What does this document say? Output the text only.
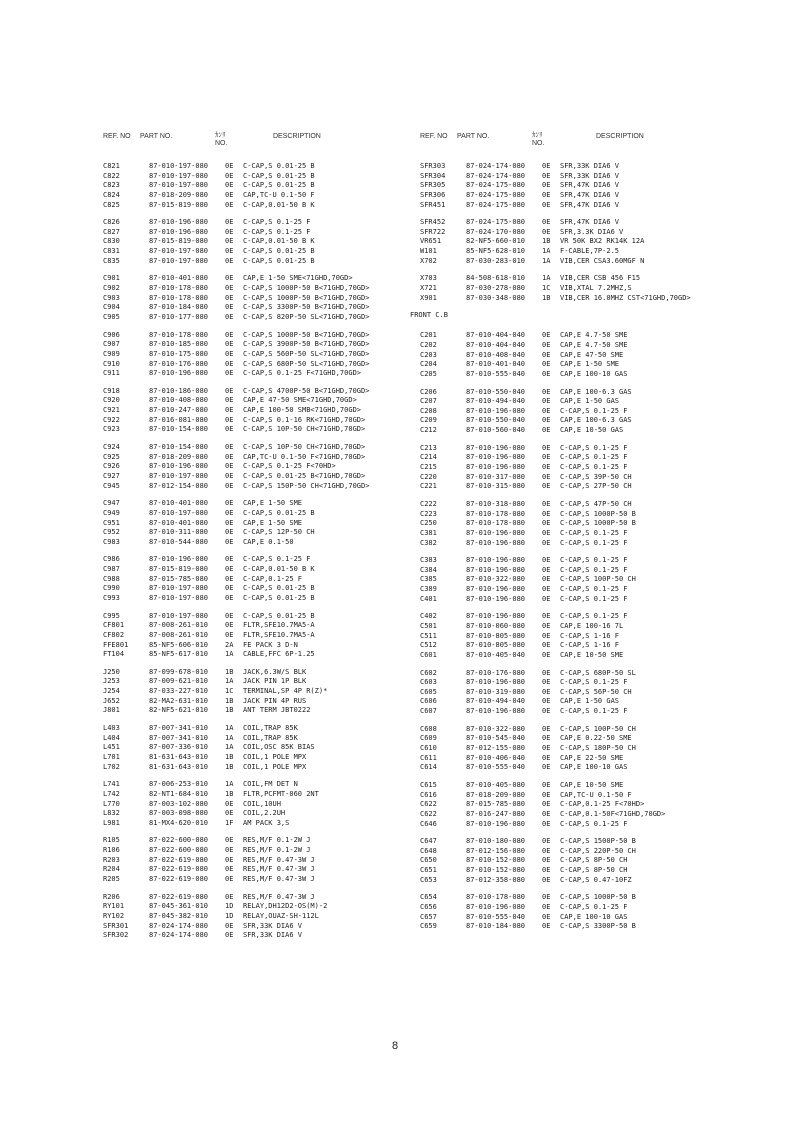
REF. NO PART NO.	ｶﾝﾘ
NO.
DESCRIPTION	REF. NO PART NO.	ｶﾝﾘ
NO.
DESCRIPTION
C821	87-010-197-080	0E	C-CAP,S 0.01-25 B
C822	87-010-197-080	0E	C-CAP,S 0.01-25 B
C823	87-010-197-080	0E	C-CAP,S 0.01-25 B
C824	87-018-209-080	0E	CAP,TC-U 0.1-50 F
C825	87-015-819-080	0E	C-CAP,0.01-50 B K
C826	87-010-196-080	0E	C-CAP,S 0.1-25 F
C827	87-010-196-080	0E	C-CAP,S 0.1-25 F
C830	87-015-819-080	0E	C-CAP,0.01-50 B K
C831	87-010-197-080	0E	C-CAP,S 0.01-25 B
C835	87-010-197-080	0E	C-CAP,S 0.01-25 B
C901	87-010-401-080	0E	CAP,E 1-50 SME<71GHD,70GD>
C902	87-010-178-080	0E	C-CAP,S 1000P-50 B<71GHD,70GD>
C903	87-010-178-080	0E	C-CAP,S 1000P-50 B<71GHD,70GD>
C904	87-010-184-080	0E	C-CAP,S 3300P-50 B<71GHD,70GD>
C905	87-010-177-080	0E	C-CAP,S 820P-50 SL<71GHD,70GD>
C906	87-010-178-080	0E	C-CAP,S 1000P-50 B<71GHD,70GD>
C907	87-010-185-080	0E	C-CAP,S 3900P-50 B<71GHD,70GD>
C909	87-010-175-080	0E	C-CAP,S 560P-50 SL<71GHD,70GD>
C910	87-010-176-080	0E	C-CAP,S 680P-50 SL<71GHD,70GD>
C911	87-010-196-080	0E	C-CAP,S 0.1-25 F<71GHD,70GD>
C918	87-010-186-080	0E	C-CAP,S 4700P-50 B<71GHD,70GD>
C920	87-010-408-080	0E	CAP,E 47-50 SME<71GHD,70GD>
C921	87-010-247-080	0E	CAP,E 100-50 SMB<71GHD,70GD>
C922	87-016-081-080	0E	C-CAP,S 0.1-16 RK<71GHD,70GD>
C923	87-010-154-080	0E	C-CAP,S 10P-50 CH<71GHD,70GD>
C924	87-010-154-080	0E	C-CAP,S 10P-50 CH<71GHD,70GD>
C925	87-018-209-080	0E	CAP,TC-U 0.1-50 F<71GHD,70GD>
C926	87-010-196-080	0E	C-CAP,S 0.1-25 F<70HD>
C927	87-010-197-080	0E	C-CAP,S 0.01-25 B<71GHD,70GD>
C945	87-012-154-080	0E	C-CAP,S 150P-50 CH<71GHD,70GD>
C947	87-010-401-080	0E	CAP,E 1-50 SME
C949	87-010-197-080	0E	C-CAP,S 0.01-25 B
C951	87-010-401-080	0E	CAP,E 1-50 SME
C952	87-010-311-080	0E	C-CAP,S 12P-50 CH
C983	87-010-544-080	0E	CAP,E 0.1-50
C986	87-010-196-080	0E	C-CAP,S 0.1-25 F
C987	87-015-819-080	0E	C-CAP,0.01-50 B K
C988	87-015-785-080	0E	C-CAP,0.1-25 F
C990	87-010-197-080	0E	C-CAP,S 0.01-25 B
C993	87-010-197-080	0E	C-CAP,S 0.01-25 B
C995	87-010-197-080	0E	C-CAP,S 0.01-25 B
CF801	87-008-261-010	0E	FLTR,SFE10.7MA5-A
CF802	87-008-261-010	0E	FLTR,SFE10.7MA5-A
FFE801	85-NF5-606-010	2A	FE PACK 3 D-N
FT104	85-NF5-617-010	1A	CABLE,FFC 6P-1.25
J250	87-099-678-010	1B	JACK,6.3W/S BLK
J253	87-009-621-010	1A	JACK PIN 1P BLK
J254	87-033-227-010	1C	TERMINAL,SP 4P R(Z)*
J652	82-MA2-631-010	1B	JACK PIN 4P RUS
J801	82-NF5-621-010	1B	ANT TERM JBT0222
L403	87-007-341-010	1A	COIL,TRAP 85K
L404	87-007-341-010	1A	COIL,TRAP 85K
L451	87-007-336-010	1A	COIL,OSC 85K BIAS
L701	81-631-643-010	1B	COIL,1 POLE MPX
L702	81-631-643-010	1B	COIL,1 POLE MPX
L741	87-006-253-010	1A	COIL,FM DET N
L742	82-NT1-684-010	1B	FLTR,PCFMT-060 2NT
L770	87-003-102-080	0E	COIL,10UH
L832	87-003-098-080	0E	COIL,2.2UH
L981	81-MX4-620-010	1F	AM PACK 3,S
R105	87-022-600-080	0E	RES,M/F 0.1-2W J
R106	87-022-600-080	0E	RES,M/F 0.1-2W J
R203	87-022-619-080	0E	RES,M/F 0.47-3W J
R204	87-022-619-080	0E	RES,M/F 0.47-3W J
R205	87-022-619-080	0E	RES,M/F 0.47-3W J
R206	87-022-619-080	0E	RES,M/F 0.47-3W J
RY101	87-045-361-010	1D	RELAY,DH12D2-OS(M)-2
RY102	87-045-382-010	1D	RELAY,OUAZ-SH-112L
SFR301	87-024-174-080	0E	SFR,33K DIA6 V
SFR302	87-024-174-080	0E	SFR,33K DIA6 V
SFR303	87-024-174-080	0E	SFR,33K DIA6 V
SFR304	87-024-174-080	0E	SFR,33K DIA6 V
SFR305	87-024-175-080	0E	SFR,47K DIA6 V
SFR306	87-024-175-080	0E	SFR,47K DIA6 V
SFR451	87-024-175-080	0E	SFR,47K DIA6 V
SFR452	87-024-175-080	0E	SFR,47K DIA6 V
SFR722	87-024-170-080	0E	SFR,3.3K DIA6 V
VR651	82-NF5-660-010	1B	VR 50K BX2 RK14K 12A
W101	85-NF5-628-010	1A	F-CABLE,7P-2.5
X702	87-030-283-010	1A	VIB,CER CSA3.60MGF N
X703	84-508-618-010	1A	VIB,CER CSB 456 F15
X721	87-030-278-080	1C	VIB,XTAL 7.2MHZ,S
X901	87-030-348-080	1B	VIB,CER 16.0MHZ CST<71GHD,70GD>
FRONT C.B
C201	87-010-404-040	0E	CAP,E 4.7-50 SME
C202	87-010-404-040	0E	CAP,E 4.7-50 SME
C203	87-010-408-040	0E	CAP,E 47-50 SME
C204	87-010-401-040	0E	CAP,E 1-50 SME
C205	87-010-555-040	0E	CAP,E 100-10 GAS
C206	87-010-550-040	0E	CAP,E 100-6.3 GAS
C207	87-010-494-040	0E	CAP,E 1-50 GAS
C208	87-010-196-080	0E	C-CAP,S 0.1-25 F
C209	87-010-550-040	0E	CAP,E 100-6.3 GAS
C212	87-010-560-040	0E	CAP,E 10-50 GAS
C213	87-010-196-080	0E	C-CAP,S 0.1-25 F
C214	87-010-196-080	0E	C-CAP,S 0.1-25 F
C215	87-010-196-080	0E	C-CAP,S 0.1-25 F
C220	87-010-317-080	0E	C-CAP,S 39P-50 CH
C221	87-010-315-080	0E	C-CAP,S 27P-50 CH
C222	87-010-318-080	0E	C-CAP,S 47P-50 CH
C223	87-010-178-080	0E	C-CAP,S 1000P-50 B
C250	87-010-178-080	0E	C-CAP,S 1000P-50 B
C381	87-010-196-080	0E	C-CAP,S 0.1-25 F
C382	87-010-196-080	0E	C-CAP,S 0.1-25 F
C383	87-010-196-080	0E	C-CAP,S 0.1-25 F
C384	87-010-196-080	0E	C-CAP,S 0.1-25 F
C385	87-010-322-080	0E	C-CAP,S 100P-50 CH
C389	87-010-196-080	0E	C-CAP,S 0.1-25 F
C401	87-010-196-080	0E	C-CAP,S 0.1-25 F
C402	87-010-196-080	0E	C-CAP,S 0.1-25 F
C501	87-010-060-080	0E	CAP,E 100-16 7L
C511	87-010-805-080	0E	C-CAP,S 1-16 F
C512	87-010-805-080	0E	C-CAP,S 1-16 F
C601	87-010-405-040	0E	CAP,E 10-50 SME
C602	87-010-176-080	0E	C-CAP,S 680P-50 SL
C603	87-010-196-080	0E	C-CAP,S 0.1-25 F
C605	87-010-319-080	0E	C-CAP,S 56P-50 CH
C606	87-010-494-040	0E	CAP,E 1-50 GAS
C607	87-010-196-080	0E	C-CAP,S 0.1-25 F
C608	87-010-322-080	0E	C-CAP,S 100P-50 CH
C609	87-010-545-040	0E	CAP,E 0.22-50 SME
C610	87-012-155-080	0E	C-CAP,S 180P-50 CH
C611	87-010-406-040	0E	CAP,E 22-50 SME
C614	87-010-555-040	0E	CAP,E 100-10 GAS
C615	87-010-405-080	0E	CAP,E 10-50 SME
C616	87-018-209-080	0E	CAP,TC-U 0.1-50 F
C622	87-015-785-080	0E	C-CAP,0.1-25 F<70HD>
C622	87-016-247-080	0E	C-CAP,0.1-50F<71GHD,70GD>
C646	87-010-196-080	0E	C-CAP,S 0.1-25 F
C647	87-010-180-080	0E	C-CAP,S 1500P-50 B
C648	87-012-156-080	0E	C-CAP,S 220P-50 CH
C650	87-010-152-080	0E	C-CAP,S 8P-50 CH
C651	87-010-152-080	0E	C-CAP,S 8P-50 CH
C653	87-012-358-080	0E	C-CAP,S 0.47-10FZ
C654	87-010-178-080	0E	C-CAP,S 1000P-50 B
C656	87-010-196-080	0E	C-CAP,S 0.1-25 F
C657	87-010-555-040	0E	CAP,E 100-10 GAS
C659	87-010-184-080	0E	C-CAP,S 3300P-50 B
8
